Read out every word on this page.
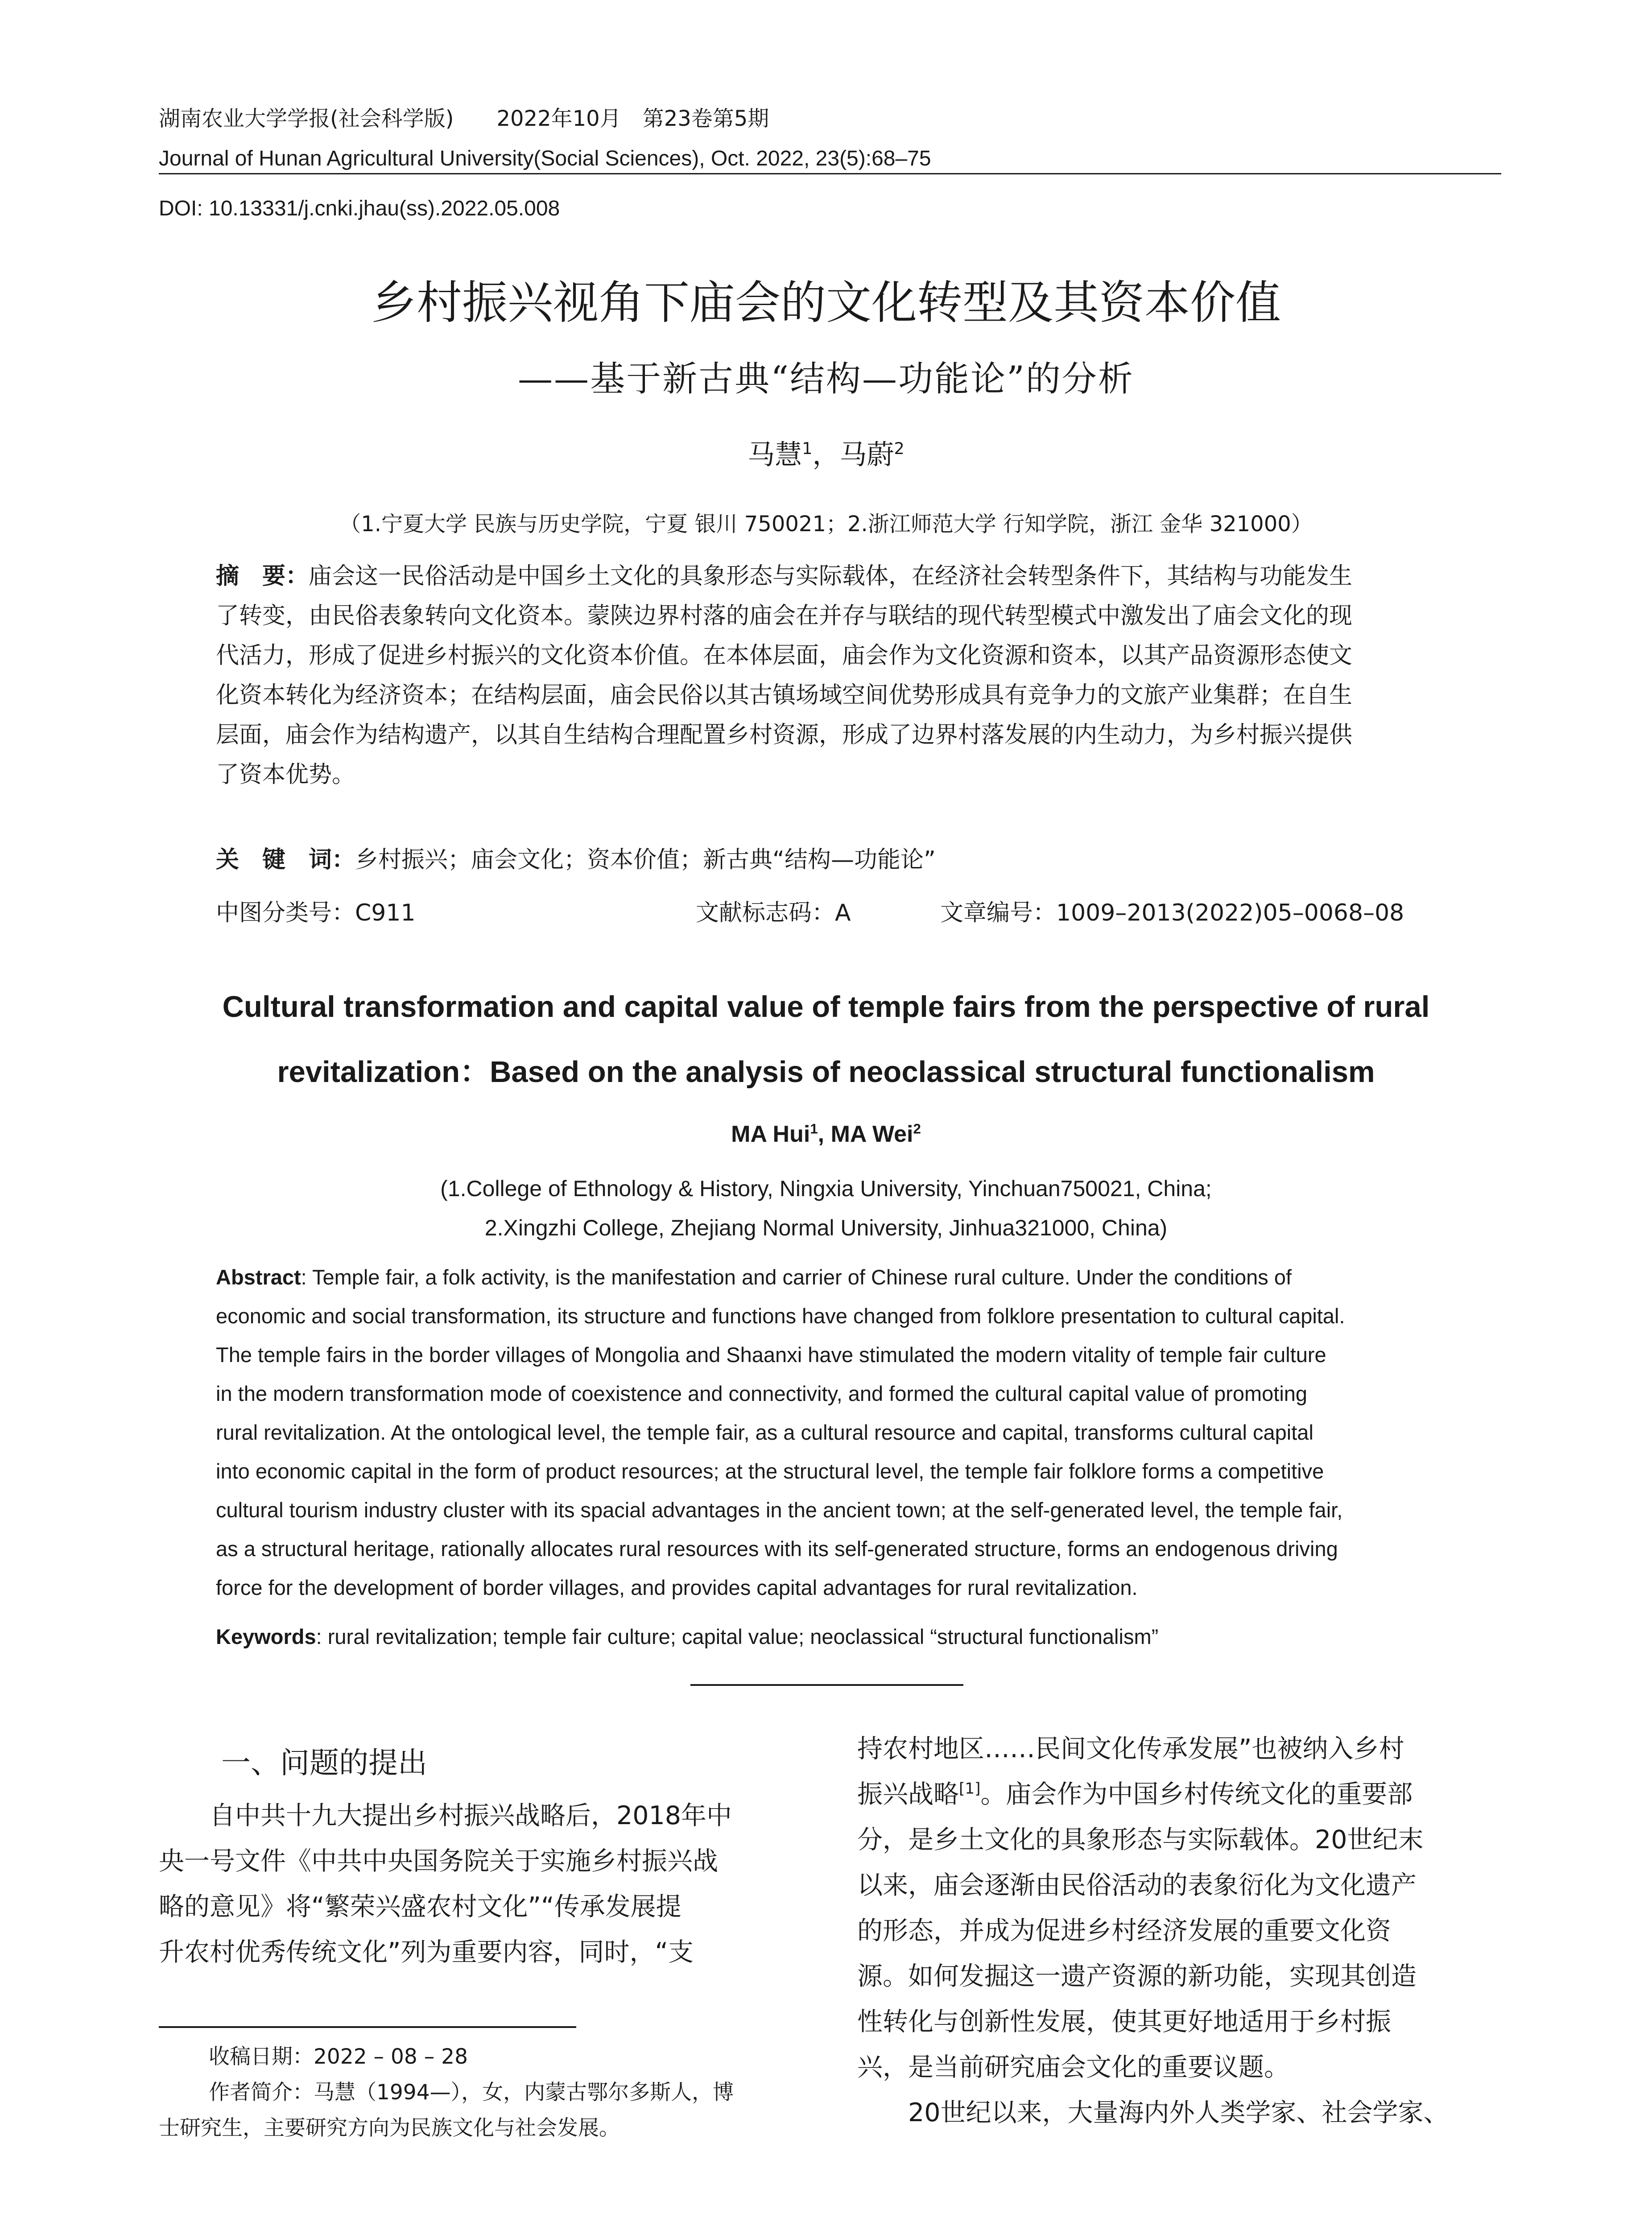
湖南农业大学学报(社会科学版)　　2022年10月　第23卷第5期
Journal of Hunan Agricultural University(Social Sciences), Oct. 2022, 23(5):68–75
DOI: 10.13331/j.cnki.jhau(ss).2022.05.008
乡村振兴视角下庙会的文化转型及其资本价值
——基于新古典“结构—功能论”的分析
马慧$^1$，马蔚$^2$
（1.宁夏大学 民族与历史学院，宁夏 银川 750021；2.浙江师范大学 行知学院，浙江 金华 321000）
摘　要：庙会这一民俗活动是中国乡土文化的具象形态与实际载体，在经济社会转型条件下，其结构与功能发生
了转变，由民俗表象转向文化资本。蒙陕边界村落的庙会在并存与联结的现代转型模式中激发出了庙会文化的现
代活力，形成了促进乡村振兴的文化资本价值。在本体层面，庙会作为文化资源和资本，以其产品资源形态使文
化资本转化为经济资本；在结构层面，庙会民俗以其古镇场域空间优势形成具有竞争力的文旅产业集群；在自生
层面，庙会作为结构遗产，以其自生结构合理配置乡村资源，形成了边界村落发展的内生动力，为乡村振兴提供
了资本优势。
关　键　词：乡村振兴；庙会文化；资本价值；新古典“结构—功能论”
中图分类号：C911	文献标志码：A	文章编号：1009–2013(2022)05–0068–08
Cultural transformation and capital value of temple fairs from the perspective of rural
revitalization：Based on the analysis of neoclassical structural functionalism
MA Hui$^1$, MA Wei$^2$
(1.College of Ethnology & History, Ningxia University, Yinchuan750021, China;
2.Xingzhi College, Zhejiang Normal University, Jinhua321000, China)
Abstract: Temple fair, a folk activity, is the manifestation and carrier of Chinese rural culture. Under the conditions of
economic and social transformation, its structure and functions have changed from folklore presentation to cultural capital.
The temple fairs in the border villages of Mongolia and Shaanxi have stimulated the modern vitality of temple fair culture
in the modern transformation mode of coexistence and connectivity, and formed the cultural capital value of promoting
rural revitalization. At the ontological level, the temple fair, as a cultural resource and capital, transforms cultural capital
into economic capital in the form of product resources; at the structural level, the temple fair folklore forms a competitive
cultural tourism industry cluster with its spacial advantages in the ancient town; at the self-generated level, the temple fair,
as a structural heritage, rationally allocates rural resources with its self-generated structure, forms an endogenous driving
force for the development of border villages, and provides capital advantages for rural revitalization.
Keywords: rural revitalization; temple fair culture; capital value; neoclassical “structural functionalism”
一、问题的提出
自中共十九大提出乡村振兴战略后，2018年中
央一号文件《中共中央国务院关于实施乡村振兴战
略的意见》将“繁荣兴盛农村文化”“传承发展提
升农村优秀传统文化”列为重要内容，同时，“支
收稿日期：2022 – 08 – 28
作者简介：马慧（1994—），女，内蒙古鄂尔多斯人，博
士研究生，主要研究方向为民族文化与社会发展。
持农村地区……民间文化传承发展”也被纳入乡村
振兴战略[1]。庙会作为中国乡村传统文化的重要部
分，是乡土文化的具象形态与实际载体。20世纪末
以来，庙会逐渐由民俗活动的表象衍化为文化遗产
的形态，并成为促进乡村经济发展的重要文化资
源。如何发掘这一遗产资源的新功能，实现其创造
性转化与创新性发展，使其更好地适用于乡村振
兴，是当前研究庙会文化的重要议题。
20世纪以来，大量海内外人类学家、社会学家、
